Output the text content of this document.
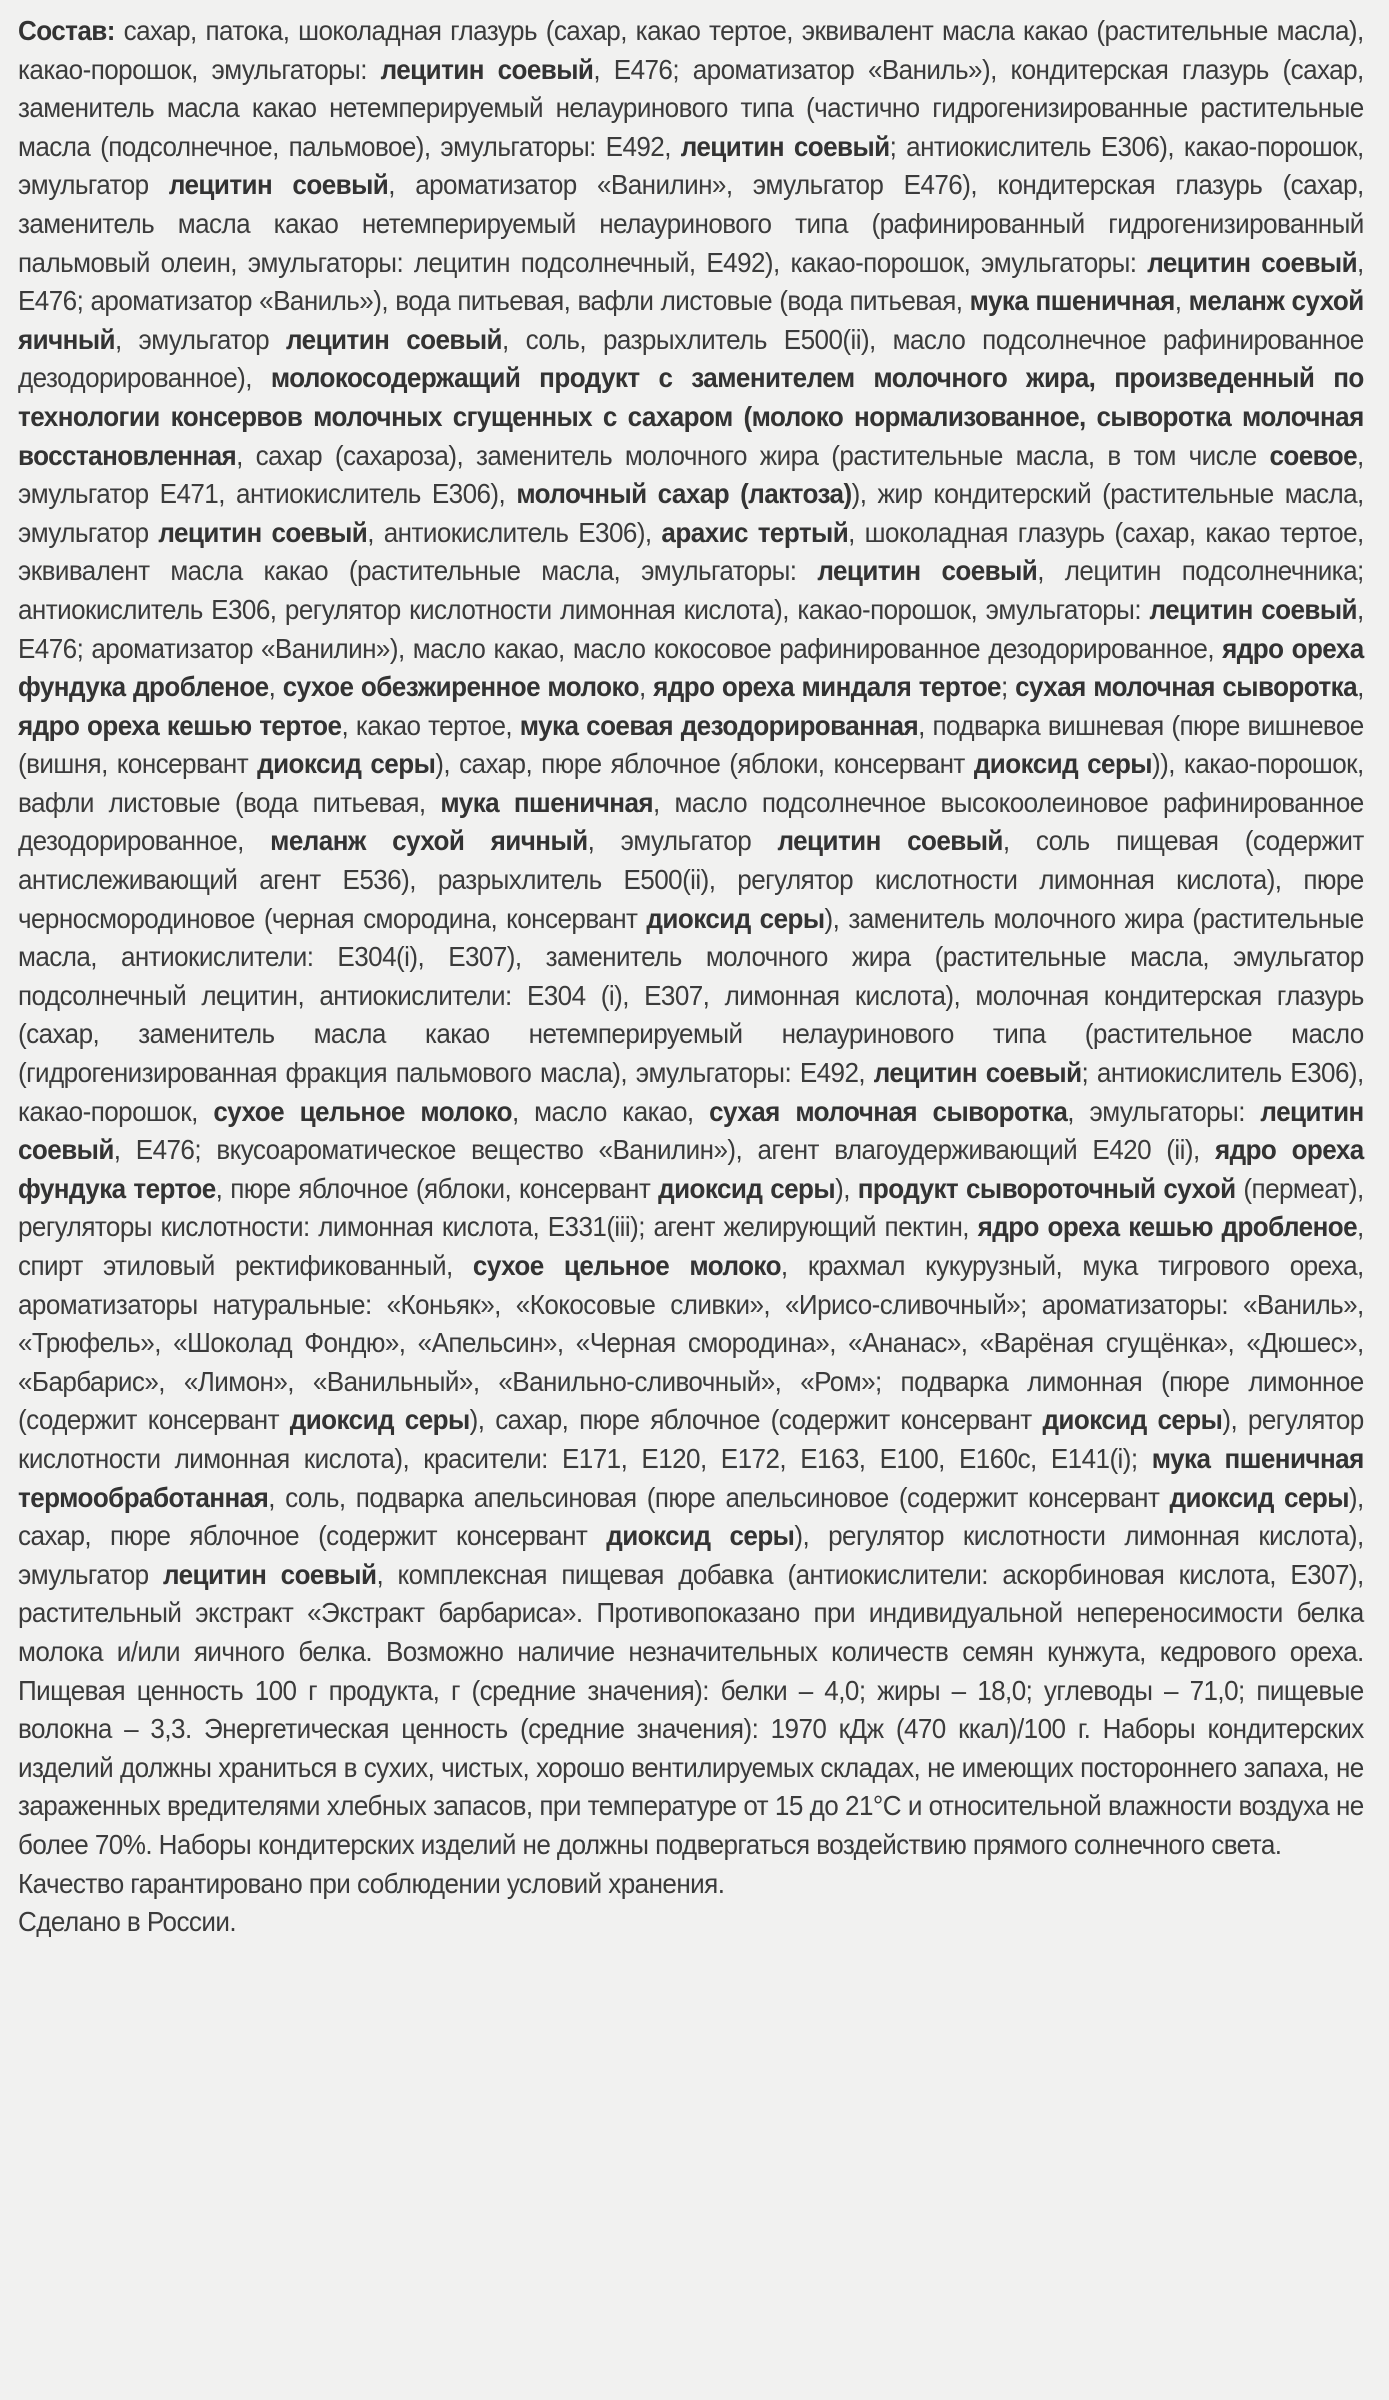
Состав: сахар, патока, шоколадная глазурь (сахар, какао тертое, эквивалент масла какао (растительные масла), какао-порошок, эмульгаторы: лецитин соевый, Е476; ароматизатор «Ваниль»), кондитерская глазурь (сахар, заменитель масла какао нетемперируемый нелауринового типа (частично гидрогенизированные растительные масла (подсолнечное, пальмовое), эмульгаторы: Е492, лецитин соевый; антиокислитель Е306), какао-порошок, эмульгатор лецитин соевый, ароматизатор «Ванилин», эмульгатор Е476), кондитерская глазурь (сахар, заменитель масла какао нетемперируемый нелауринового типа (рафинированный гидрогенизированный пальмовый олеин, эмульгаторы: лецитин подсолнечный, Е492), какао-порошок, эмульгаторы: лецитин соевый, Е476; ароматизатор «Ваниль»), вода питьевая, вафли листовые (вода питьевая, мука пшеничная, меланж сухой яичный, эмульгатор лецитин соевый, соль, разрыхлитель Е500(ii), масло подсолнечное рафинированное дезодорированное), молокосодержащий продукт с заменителем молочного жира, произведенный по технологии консервов молочных сгущенных с сахаром (молоко нормализованное, сыворотка молочная восстановленная, сахар (сахароза), заменитель молочного жира (растительные масла, в том числе соевое, эмульгатор Е471, антиокислитель Е306), молочный сахар (лактоза)), жир кондитерский (растительные масла, эмульгатор лецитин соевый, антиокислитель Е306), арахис тертый, шоколадная глазурь (сахар, какао тертое, эквивалент масла какао (растительные масла, эмульгаторы: лецитин соевый, лецитин подсолнечника; антиокислитель Е306, регулятор кислотности лимонная кислота), какао-порошок, эмульгаторы: лецитин соевый, Е476; ароматизатор «Ванилин»), масло какао, масло кокосовое рафинированное дезодорированное, ядро ореха фундука дробленое, сухое обезжиренное молоко, ядро ореха миндаля тертое; сухая молочная сыворотка, ядро ореха кешью тертое, какао тертое, мука соевая дезодорированная, подварка вишневая (пюре вишневое (вишня, консервант диоксид серы), сахар, пюре яблочное (яблоки, консервант диоксид серы)), какао-порошок, вафли листовые (вода питьевая, мука пшеничная, масло подсолнечное высокоолеиновое рафинированное дезодорированное, меланж сухой яичный, эмульгатор лецитин соевый, соль пищевая (содержит антислеживающий агент Е536), разрыхлитель Е500(ii), регулятор кислотности лимонная кислота), пюре черносмородиновое (черная смородина, консервант диоксид серы), заменитель молочного жира (растительные масла, антиокислители: Е304(i), Е307), заменитель молочного жира (растительные масла, эмульгатор подсолнечный лецитин, антиокислители: Е304 (i), Е307, лимонная кислота), молочная кондитерская глазурь (сахар, заменитель масла какао нетемперируемый нелауринового типа (растительное масло (гидрогенизированная фракция пальмового масла), эмульгаторы: Е492, лецитин соевый; антиокислитель Е306), какао-порошок, сухое цельное молоко, масло какао, сухая молочная сыворотка, эмульгаторы: лецитин соевый, Е476; вкусоароматическое вещество «Ванилин»), агент влагоудерживающий Е420 (ii), ядро ореха фундука тертое, пюре яблочное (яблоки, консервант диоксид серы), продукт сывороточный сухой (пермеат), регуляторы кислотности: лимонная кислота, Е331(iii); агент желирующий пектин, ядро ореха кешью дробленое, спирт этиловый ректификованный, сухое цельное молоко, крахмал кукурузный, мука тигрового ореха, ароматизаторы натуральные: «Коньяк», «Кокосовые сливки», «Ирисо-сливочный»; ароматизаторы: «Ваниль», «Трюфель», «Шоколад Фондю», «Апельсин», «Черная смородина», «Ананас», «Варёная сгущёнка», «Дюшес», «Барбарис», «Лимон», «Ванильный», «Ванильно-сливочный», «Ром»; подварка лимонная (пюре лимонное (содержит консервант диоксид серы), сахар, пюре яблочное (содержит консервант диоксид серы), регулятор кислотности лимонная кислота), красители: Е171, Е120, Е172, Е163, Е100, Е160с, Е141(i); мука пшеничная термообработанная, соль, подварка апельсиновая (пюре апельсиновое (содержит консервант диоксид серы), сахар, пюре яблочное (содержит консервант диоксид серы), регулятор кислотности лимонная кислота), эмульгатор лецитин соевый, комплексная пищевая добавка (антиокислители: аскорбиновая кислота, Е307), растительный экстракт «Экстракт барбариса». Противопоказано при индивидуальной непереносимости белка молока и/или яичного белка. Возможно наличие незначительных количеств семян кунжута, кедрового ореха. Пищевая ценность 100 г продукта, г (средние значения): белки – 4,0; жиры – 18,0; углеводы – 71,0; пищевые волокна – 3,3. Энергетическая ценность (средние значения): 1970 кДж (470 ккал)/100 г. Наборы кондитерских изделий должны храниться в сухих, чистых, хорошо вентилируемых складах, не имеющих постороннего запаха, не зараженных вредителями хлебных запасов, при температуре от 15 до 21°С и относительной влажности воздуха не более 70%. Наборы кондитерских изделий не должны подвергаться воздействию прямого солнечного света.

Качество гарантировано при соблюдении условий хранения.

Сделано в России.
